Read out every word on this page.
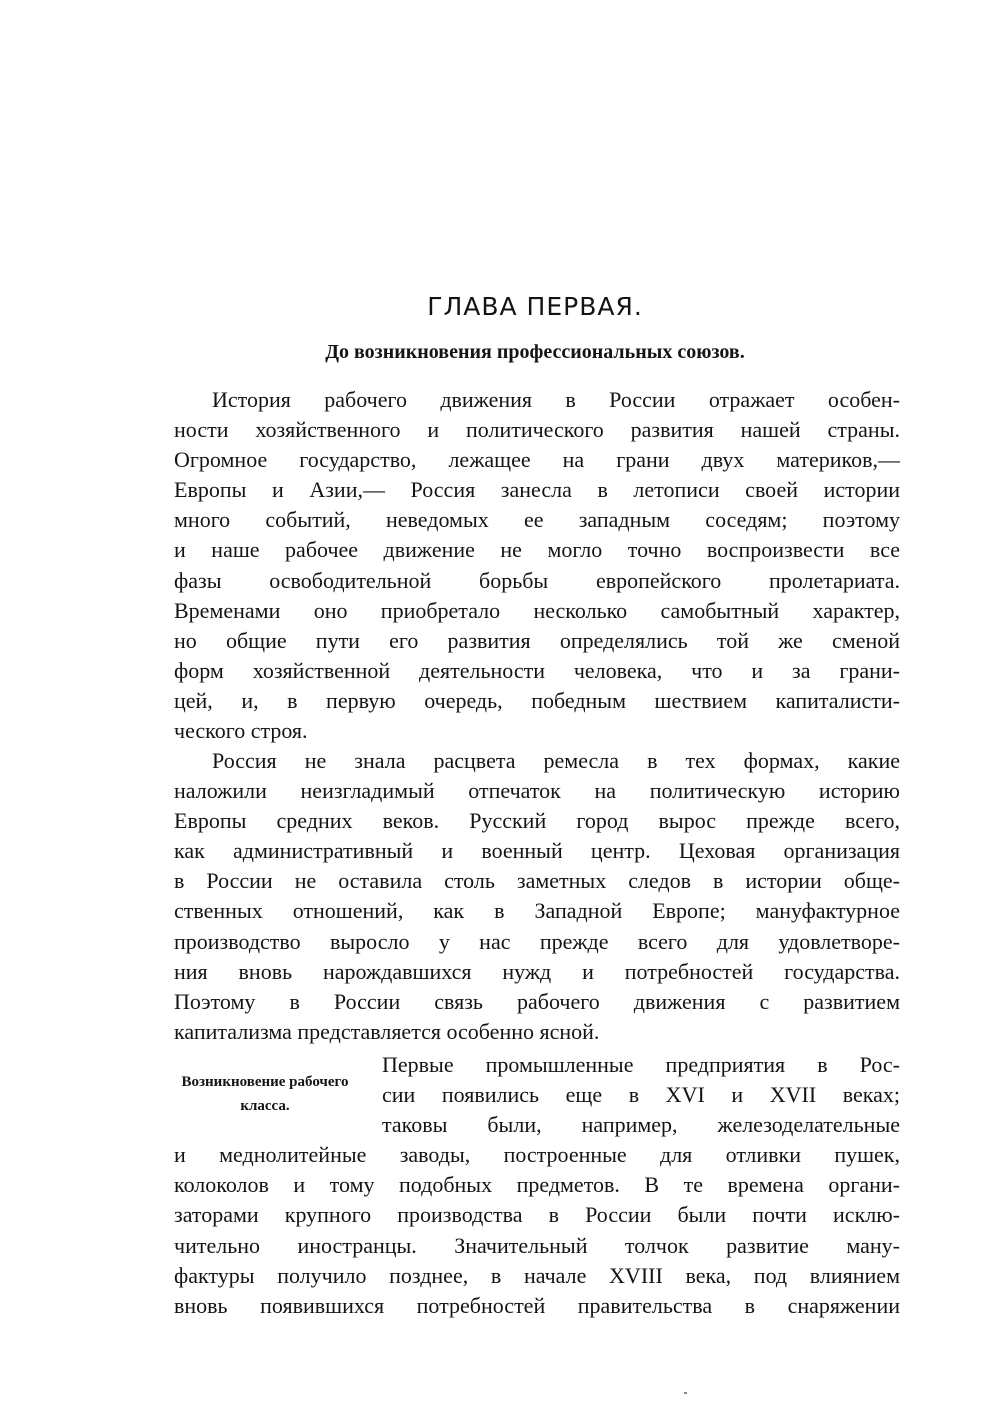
ГЛАВА ПЕРВАЯ.
До возникновения профессиональных союзов.
История рабочего движения в России отражает особен-
ности хозяйственного и политического развития нашей страны.
Огромное государство, лежащее на грани двух материков,—
Европы и Азии,— Россия занесла в летописи своей истории
много событий, неведомых ее западным соседям; поэтому
и наше рабочее движение не могло точно воспроизвести все
фазы освободительной борьбы европейского пролетариата.
Временами оно приобретало несколько самобытный характер,
но общие пути его развития определялись той же сменой
форм хозяйственной деятельности человека, что и за грани-
цей, и, в первую очередь, победным шествием капиталисти-
ческого строя.
Россия не знала расцвета ремесла в тех формах, какие
наложили неизгладимый отпечаток на политическую историю
Европы средних веков. Русский город вырос прежде всего,
как административный и военный центр. Цеховая организация
в России не оставила столь заметных следов в истории обще-
ственных отношений, как в Западной Европе; мануфактурное
производство выросло у нас прежде всего для удовлетворе-
ния вновь нарождавшихся нужд и потребностей государства.
Поэтому в России связь рабочего движения с развитием
капитализма представляется особенно ясной.
Возникновение рабочего класса.
Первые промышленные предприятия в Рос-
сии появились еще в XVI и XVII веках;
таковы были, например, железоделательные
и меднолитейные заводы, построенные для отливки пушек,
колоколов и тому подобных предметов. В те времена органи-
заторами крупного производства в России были почти исклю-
чительно иностранцы. Значительный толчок развитие ману-
фактуры получило позднее, в начале XVIII века, под влиянием
вновь появившихся потребностей правительства в снаряжении
